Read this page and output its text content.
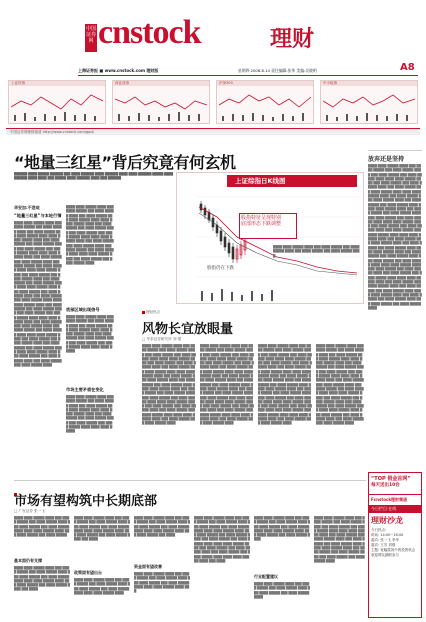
中国证券网 cnstock	理财
A8
上海证券报 ■ www.cnstock.com 理财版	星期四 2008.8.14 责任编辑:张华 美编:吴晓明
上证综指	深证成指	沪深300	中小板指
中国证券网理财频道 http://www.cnstock.com/gpd/
“地量三红星”背后究竟有何玄机
██████ ████ █████ ██████ ███ ████ ██████ ████ ██████ ████ ████ ██████ █████ ████ ██████ ████ ████ ███ █████ ████ ██████ ████ ███ ██████	上证综指日K线图
股指特征呈现特别
底部形态下跌调整
股指仍在下跌
████ ████ █████ ████ ███ ████ █████ ███ ████ █████ ████ ███ ████ █████ ███ ████ █████ ████
放弃还是坚持
████ ████ █████ ████ ███ ████ █████ ███ ████ █████ ████ ███ ████ █████ ███ ████ █████ ████ ████ ████ █████ ████ ███ ████ █████ ███ ████ █████ ████ ███ ████ █████ ███ ████ █████ ████ ████ ████ █████ ████ ███ ████ █████ ███ ████ █████ ████ ███ ████ █████ ███ ████ █████ ████ ████ ████ █████ ████ ███ ████ █████ ███ ████ █████ ████ ███ ████ █████ ███ ████ █████ ████ ████ ████ █████ ████ ███ ████ █████ ███ ████ █████ ████ ███ ████ █████ ███ ████ █████ ████ ████ ████ █████ ████ ███ ████ █████ ███ ████ █████ ████ ███ ████ █████ ███ ████ █████ ████ ████ ████ █████ ████ ███ ████ █████ ███ ████ █████ ████ ███ ████ █████ ███ ████ █████ ████ ████ ████ █████ ████ ███ ████ █████ ███ ████ █████ ████ ███ ████ █████ ███ ████ █████ ████ ████ ████ █████ ████ ███ ████ █████ ███ ████ █████ ████ ███ ████ █████ ███ ████ █████ ████ ████ ████ █████ ████ ███ ████ █████ ███ ████ █████ ████ ███ ████ █████ ███ ████ █████ ████
华安加:不悲观
“地量三红星”与本轮行情
████ ████ █████ ████ ███ ████ █████ ███ ████ █████ ████ ███ ████ █████ ███ ████ █████ ████ ████ ████ █████ ████ ███ ████ █████ ███ ████ █████ ████ ███ ████ █████ ███ ████ █████ ████ ████ ████ █████ ████ ███ ████ █████ ███ ████ █████ ████ ███ ████ █████ ███ ████ █████ ████ ████ ████ █████ ████ ███ ████ █████ ███ ████ █████ ████ ███ ████ █████ ███ ████ █████ ████ ████ ████ █████ ████ ███ ████ █████ ███ ████ █████ ████ ███ ████ █████ ███ ████ █████ ████ ████ ████ █████ ████ ███ ████ █████ ███ ████ █████ ████ ███ ████ █████ ███ ████ █████ ████ ████ ████ █████ ████ ███ ████ █████ ███ ████ █████ ████ ███ ████ █████ ███ ████ █████ ████ ████ ████ █████ ████ ███ ████ █████ ███ ████ █████ ████ ███ ████ █████ ███ ████ █████ ████ ████ ████ █████ ████ ███ ████ █████ ███ ████ █████ ████ ███ ████ █████ ███ ████ █████ ████
████ ████ █████ ████ ███ ████ █████ ███ ████ █████ ████ ███ ████ █████ ███ ████ █████ ████ ████ ████ █████ ████ ███ ████ █████ ███ ████ █████ ████ ███ ████ █████ ███ ████ █████ ████ ████ ████ █████ ████ ███ ████ █████ ███ ████ █████ ████ ███ ████ █████ ███ ████ █████ ████ ████ ████ █████ ████ ███ ████ █████ ███ ████ █████ ████
底部区域出现信号
████ ████ █████ ████ ███ ████ █████ ███ ████ █████ ████ ███ ████ █████ ███ ████ █████ ████ ████ ████ █████ ████ ███ ████ █████ ███ ████ █████ ████ ███ ████ █████ ███ ████ █████ ████ ████ ████ █████
市场主要矛盾在变化
████ ████ █████ ████ ███ ████ █████ ███ ████ █████ ████ ███ ████ █████ ███ ████ █████ ████ ████ ████ █████ ████ ███ ████ █████ ███ ████ █████ ████ ███ ████ █████ ███ ████ █████ ████ ████ ████ █████
理财热点
风物长宜放眼量
□ 华泰证券研究所 刘 强
████ ████ █████ ████ ███ ████ █████ ███ ████ █████ ████ ███ ████ █████ ███ ████ █████ ████ ████ ████ █████ ████ ███ ████ █████ ███ ████ █████ ████ ███ ████ █████ ███ ████ █████ ████ ████ ████ █████ ████ ███ ████ █████ ███ ████ █████ ████ ███ ████ █████ ███ ████ █████ ████ ████ ████ █████ ████ ███ ████ █████ ███ ████ █████ ████ ███ ████ █████ ███ ████ █████ ████ ████ ████ █████ ████ ███ ████ █████ ███ ████ █████ ████ ███ ████ █████ ███ ████ █████ ████ ████ ████ █████ ████ ███ ████ █████ ███ ████ █████ ████
████ ████ █████ ████ ███ ████ █████ ███ ████ █████ ████ ███ ████ █████ ███ ████ █████ ████ ████ ████ █████ ████ ███ ████ █████ ███ ████ █████ ████ ███ ████ █████ ███ ████ █████ ████ ████ ████ █████ ████ ███ ████ █████ ███ ████ █████ ████ ███ ████ █████ ███ ████ █████ ████ ████ ████ █████ ████ ███ ████ █████ ███ ████ █████ ████ ███ ████ █████ ███ ████ █████ ████ ████ ████ █████ ████ ███ ████ █████ ███ ████ █████ ████ ███ ████ █████ ███ ████ █████ ████ ████ ████ █████ ████ ███ ████ █████ ███ ████ █████ ████
████ ████ █████ ████ ███ ████ █████ ███ ████ █████ ████ ███ ████ █████ ███ ████ █████ ████ ████ ████ █████ ████ ███ ████ █████ ███ ████ █████ ████ ███ ████ █████ ███ ████ █████ ████ ████ ████ █████ ████ ███ ████ █████ ███ ████ █████ ████ ███ ████ █████ ███ ████ █████ ████ ████ ████ █████ ████ ███ ████ █████ ███ ████ █████ ████ ███ ████ █████ ███ ████ █████ ████ ████ ████ █████ ████ ███ ████ █████ ███ ████ █████ ████ ███ ████ █████ ███ ████ █████ ████ ████ ████ █████ ████ ███ ████ █████ ███ ████ █████ ████
████ ████ █████ ████ ███ ████ █████ ███ ████ █████ ████ ███ ████ █████ ███ ████ █████ ████ ████ ████ █████ ████ ███ ████ █████ ███ ████ █████ ████ ███ ████ █████ ███ ████ █████ ████ ████ ████ █████ ████ ███ ████ █████ ███ ████ █████ ████ ███ ████ █████ ███ ████ █████ ████ ████ ████ █████ ████ ███ ████ █████ ███ ████ █████ ████ ███ ████ █████ ███ ████ █████ ████ ████ ████ █████ ████ ███ ████ █████ ███ ████ █████ ████ ███ ████ █████ ███ ████ █████ ████
市场有望构筑中长期底部
□ 广发证券 张一飞
████ ████ █████ ████ ███ ████ █████ ███ ████ █████ ████ ███ ████ █████ ███ ████ █████ ████ ████ ████ █████ ████ ███ ████ █████ ███ ████ █████
基本面仍有支撑
████ ████ █████ ████ ███ ████ █████ ███ ████ █████ ████ ███ ████ █████ ███ ████ █████ ████ ████ ████ █████ ████ ███ ████ █████ ███ ████ █████ ████ ███ ████
████ ████ █████ ████ ███ ████ █████ ███ ████ █████ ████ ███ ████ █████ ███ ████ █████ ████ ████ ████ █████ ████ ███ ████ █████ ███ ████ █████ ████ ███ ████
政策面有望出台
████ ████ █████ ████ ███ ████ █████ ███ ████ █████ ████ ███ ████ █████ ███ ████ █████ ████ ████ ████ █████ ████
████ ████ █████ ████ ███ ████ █████ ███ ████ █████ ████ ███ ████ █████ ███ ████ █████ ████ ████ ████ █████ ████ ███ ████ █████ ███ ████
资金面有望改善
████ ████ █████ ████ ███ ████ █████ ███ ████ █████ ████ ███ ████ █████ ███ ████ █████ ████ ████ ████ █████ ████ ███
████ ████ █████ ████ ███ ████ █████ ███ ████ █████ ████ ███ ████ █████ ███ ████ █████ ████ ████ ████ █████ ████ ███ ████ █████ ███ ████ █████ ████ ███ ████ █████ ███ ████ █████ ████ ████ ████ █████ ████ ███ ████ █████ ███ ████ █████ ████ ███ ████ █████ ███ ████ █████ ████ ████ ████ █████ ████ ███ ████
████ ████ █████ ████ ███ ████ █████ ███ ████ █████ ████ ███ ████ █████ ███ ████ █████ ████ ████ ████ █████ ████ ███ ████ █████ ███ ████ █████ ████
行业配置建议
████ ████ █████ ████ ███ ████ █████ ███ ████ █████ ████ ███ ████ █████ ███ ████ █████ ████
████ ████ █████ ████ ███ ████ █████ ███ ████ █████ ████ ███ ████ █████ ███ ████ █████ ████ ████ ████ █████ ████ ███ ████ █████ ███ ████ █████ ████ ███ ████ █████ ███ ████ █████ ████ ████ ████ █████ ████ ███ ████ █████ ███ ████ █████ ████ ███ ████ █████ ███ ████ █████ ████
“TOP 假金首网”
每天送出10台
Fcnstock理财频道
今日栏目·在线
理财沙龙
今日热点:
时间: 14:00~16:00
嘉宾: 张一飞 李华
嘉宾: 王芳 刘强
主题: 宽幅震荡中的投资机会
欢迎网友踊跃参与
